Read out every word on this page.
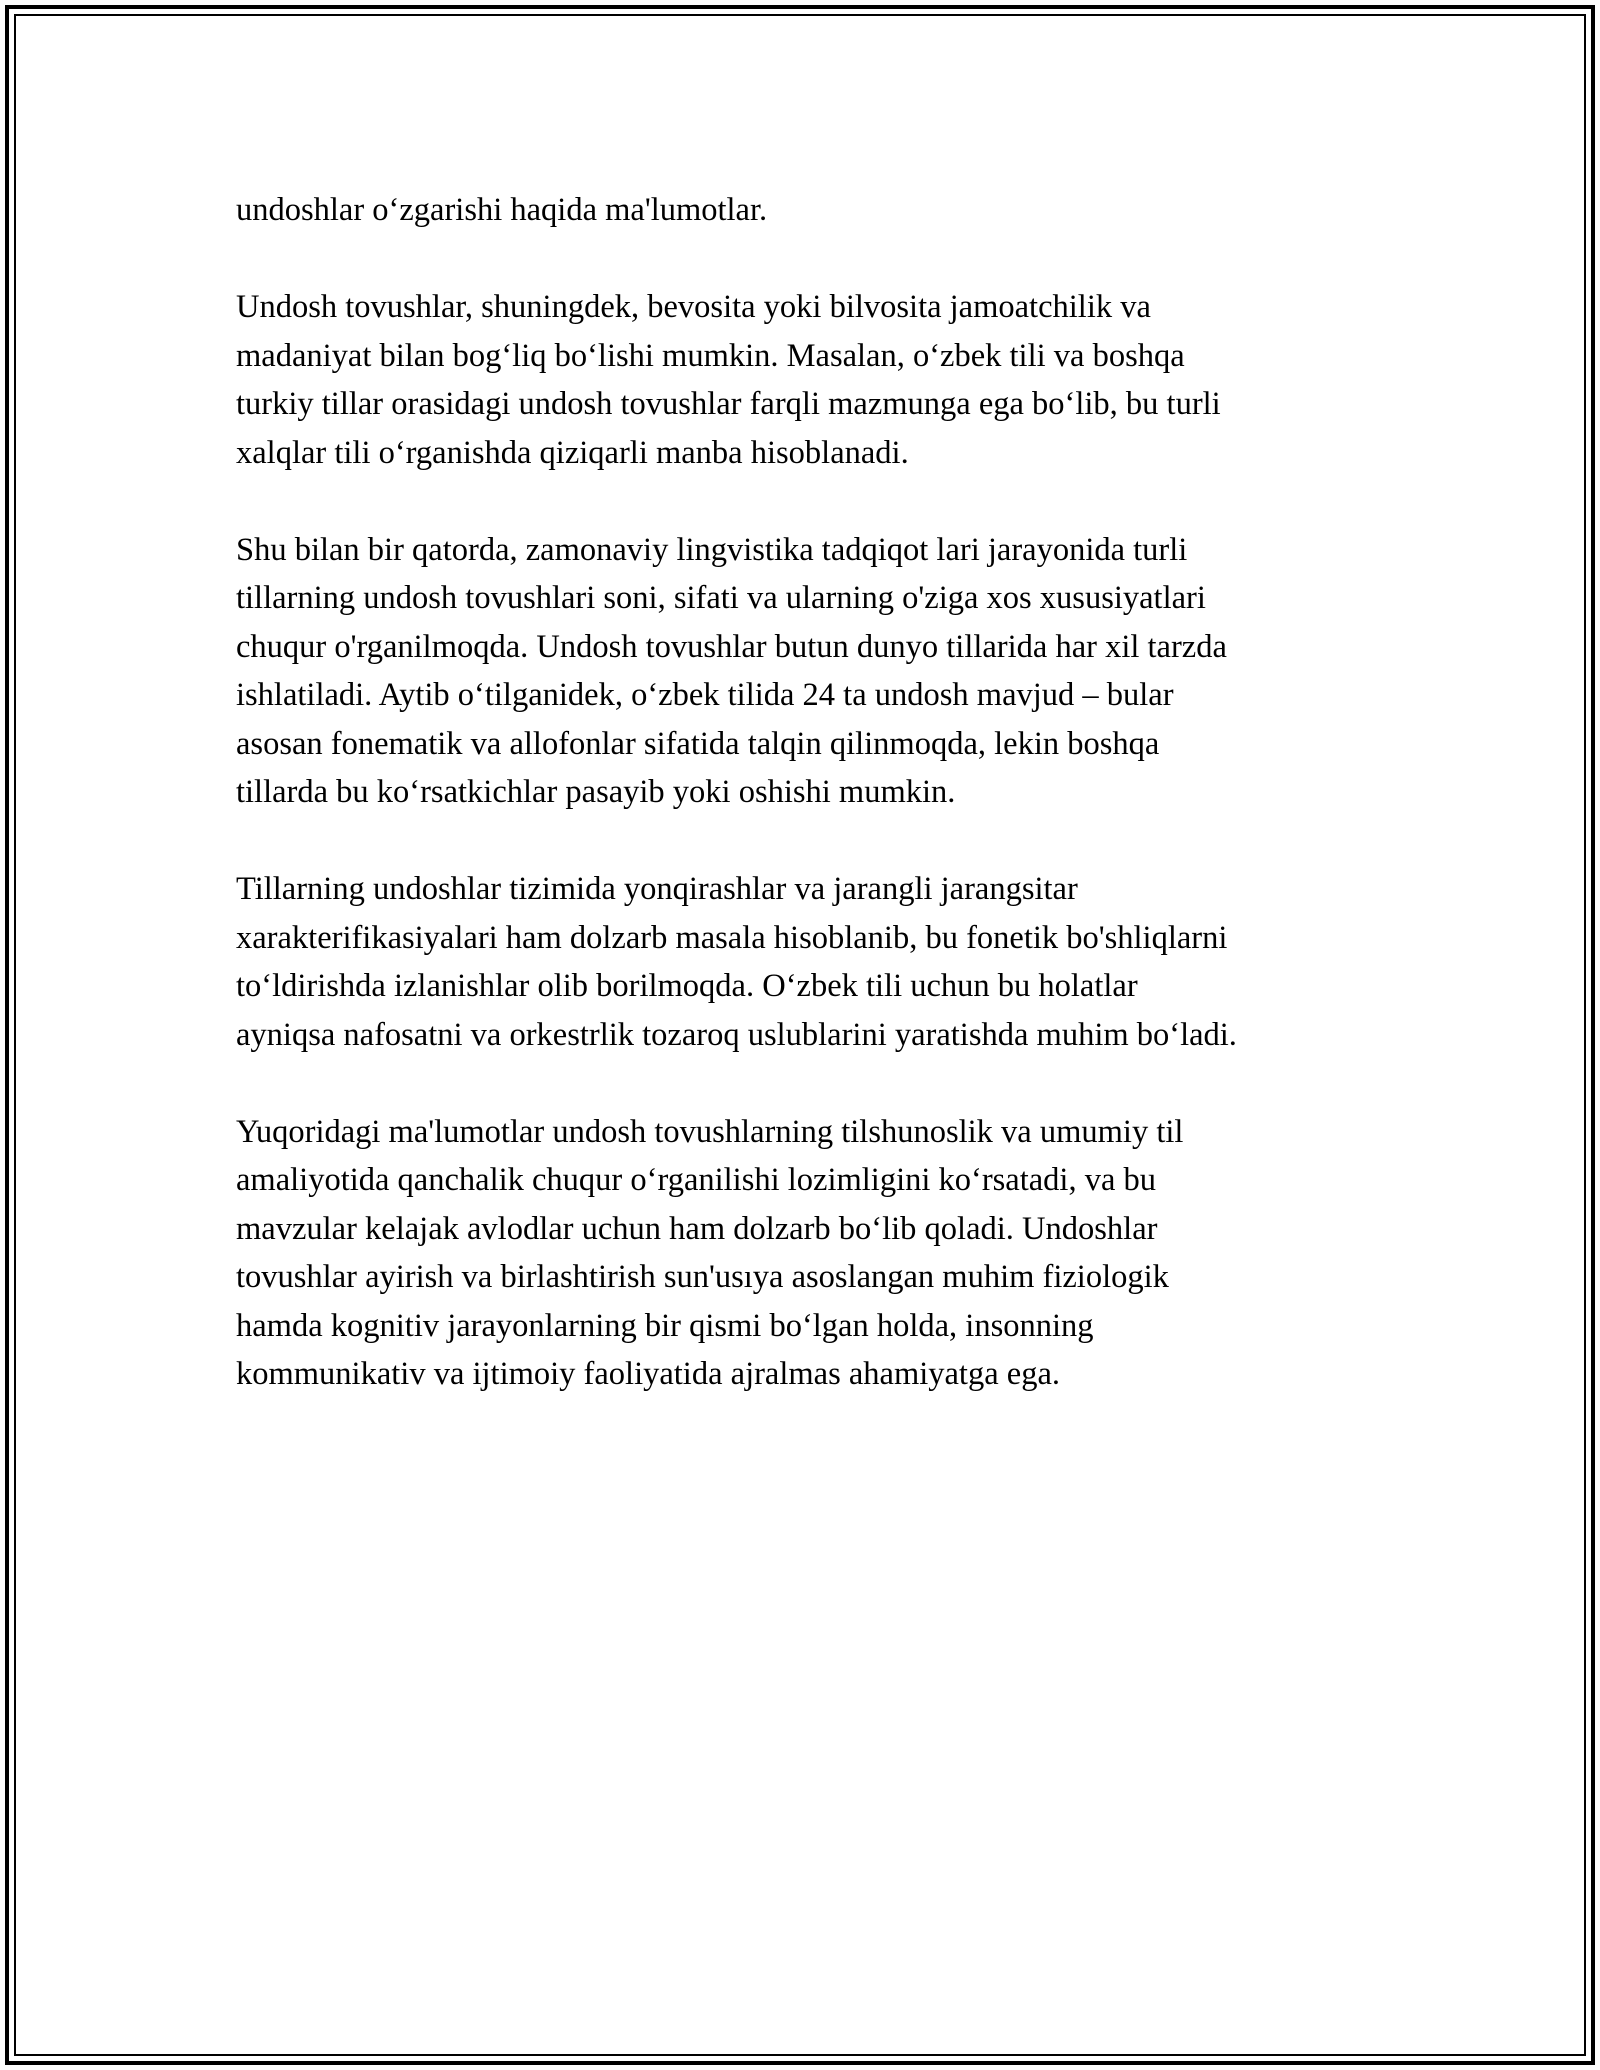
undoshlar o‘zgarishi haqida ma'lumotlar.

Undosh tovushlar, shuningdek, bevosita yoki bilvosita jamoatchilik va
madaniyat bilan bog‘liq bo‘lishi mumkin. Masalan, o‘zbek tili va boshqa
turkiy tillar orasidagi undosh tovushlar farqli mazmunga ega bo‘lib, bu turli
xalqlar tili o‘rganishda qiziqarli manba hisoblanadi.

Shu bilan bir qatorda, zamonaviy lingvistika tadqiqot lari jarayonida turli
tillarning undosh tovushlari soni, sifati va ularning o'ziga xos xususiyatlari
chuqur o'rganilmoqda. Undosh tovushlar butun dunyo tillarida har xil tarzda
ishlatiladi. Aytib o‘tilganidek, o‘zbek tilida 24 ta undosh mavjud – bular
asosan fonematik va allofonlar sifatida talqin qilinmoqda, lekin boshqa
tillarda bu ko‘rsatkichlar pasayib yoki oshishi mumkin.

Tillarning undoshlar tizimida yonqirashlar va jarangli jarangsitar
xarakterifikasiyalari ham dolzarb masala hisoblanib, bu fonetik bo'shliqlarni
to‘ldirishda izlanishlar olib borilmoqda. O‘zbek tili uchun bu holatlar
ayniqsa nafosatni va orkestrlik tozaroq uslublarini yaratishda muhim bo‘ladi.

Yuqoridagi ma'lumotlar undosh tovushlarning tilshunoslik va umumiy til
amaliyotida qanchalik chuqur o‘rganilishi lozimligini ko‘rsatadi, va bu
mavzular kelajak avlodlar uchun ham dolzarb bo‘lib qoladi. Undoshlar
tovushlar ayirish va birlashtirish sun'usıya asoslangan muhim fiziologik
hamda kognitiv jarayonlarning bir qismi bo‘lgan holda, insonning
kommunikativ va ijtimoiy faoliyatida ajralmas ahamiyatga ega.
